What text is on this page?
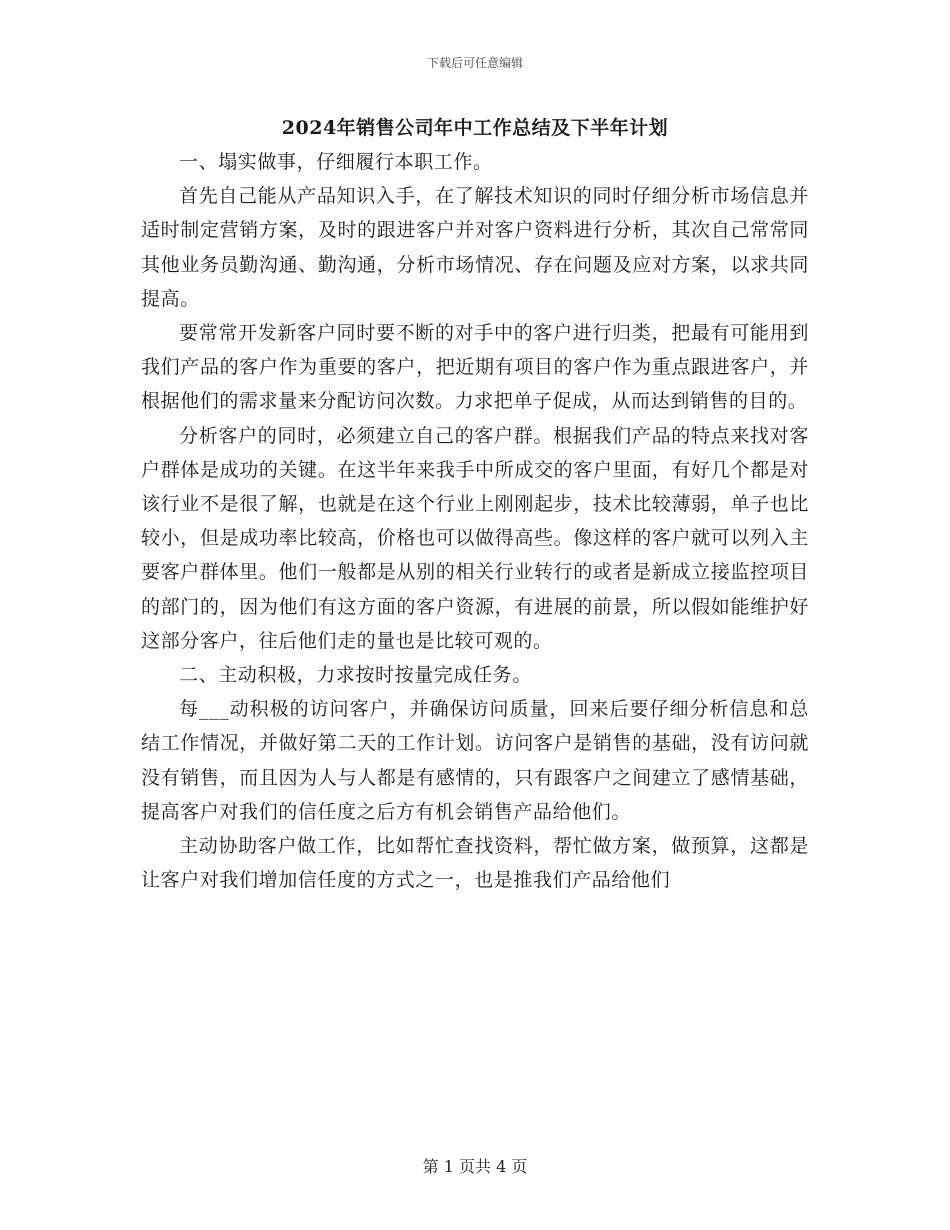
下载后可任意编辑
2024年销售公司年中工作总结及下半年计划

一、塌实做事，仔细履行本职工作。

首先自己能从产品知识入手，在了解技术知识的同时仔细分析市场信息并适时制定营销方案，及时的跟进客户并对客户资料进行分析，其次自己常常同其他业务员勤沟通、勤沟通，分析市场情况、存在问题及应对方案，以求共同提高。

要常常开发新客户同时要不断的对手中的客户进行归类，把最有可能用到我们产品的客户作为重要的客户，把近期有项目的客户作为重点跟进客户，并根据他们的需求量来分配访问次数。力求把单子促成，从而达到销售的目的。

分析客户的同时，必须建立自己的客户群。根据我们产品的特点来找对客户群体是成功的关键。在这半年来我手中所成交的客户里面，有好几个都是对该行业不是很了解，也就是在这个行业上刚刚起步，技术比较薄弱，单子也比较小，但是成功率比较高，价格也可以做得高些。像这样的客户就可以列入主要客户群体里。他们一般都是从别的相关行业转行的或者是新成立接监控项目的部门的，因为他们有这方面的客户资源，有进展的前景，所以假如能维护好这部分客户，往后他们走的量也是比较可观的。

二、主动积极，力求按时按量完成任务。

每___动积极的访问客户，并确保访问质量，回来后要仔细分析信息和总结工作情况，并做好第二天的工作计划。访问客户是销售的基础，没有访问就没有销售，而且因为人与人都是有感情的，只有跟客户之间建立了感情基础，提高客户对我们的信任度之后方有机会销售产品给他们。

主动协助客户做工作，比如帮忙查找资料，帮忙做方案，做预算，这都是让客户对我们增加信任度的方式之一，也是推我们产品给他们

第 1 页共 4 页
